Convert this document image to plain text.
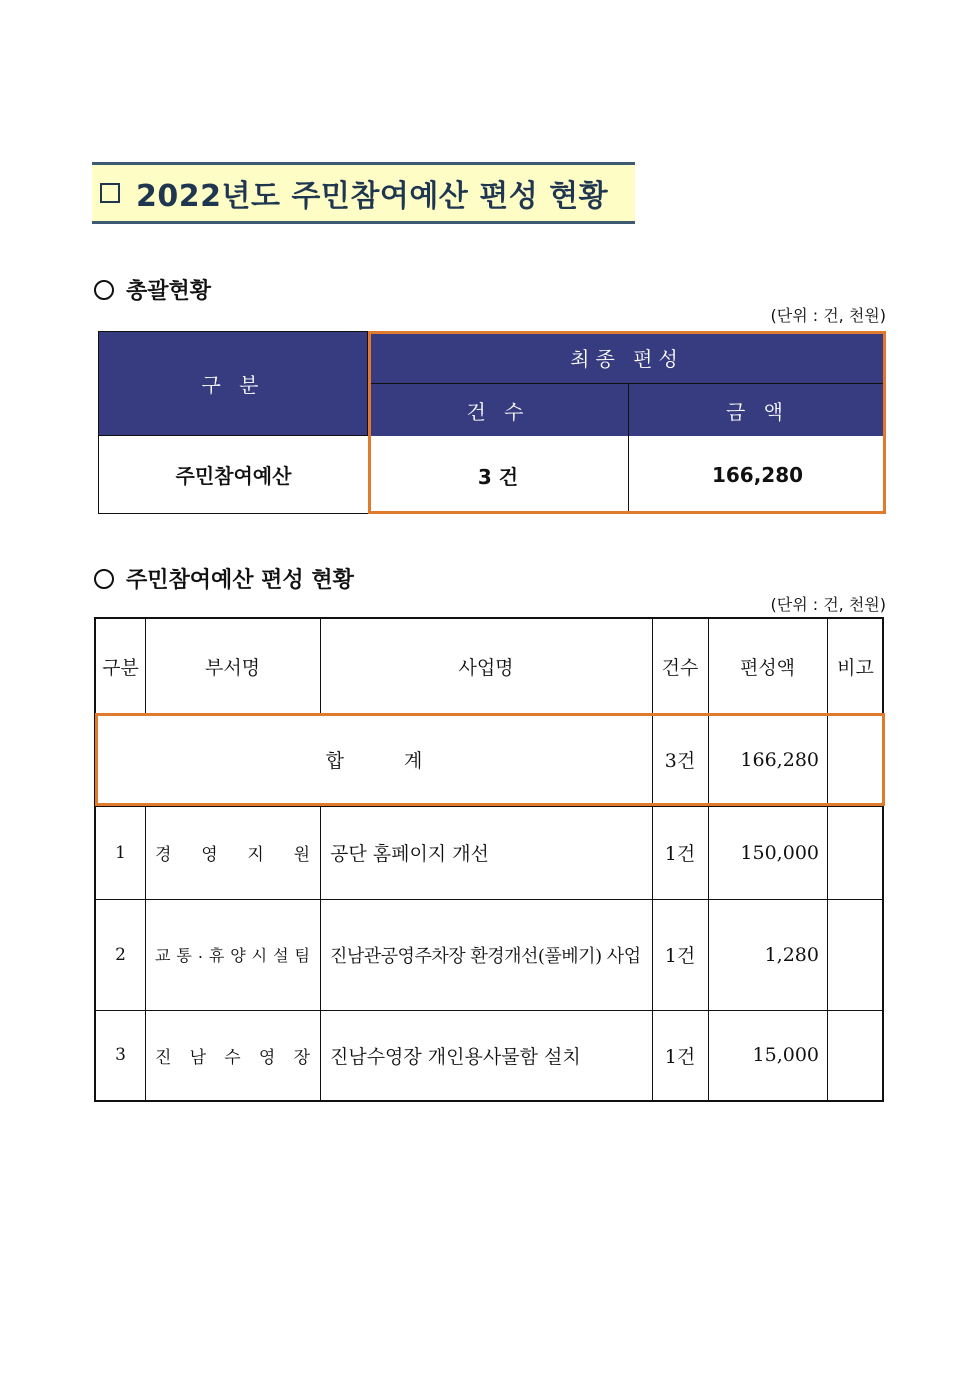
2022년도 주민참여예산 편성 현황
총괄현황
(단위 : 건, 천원)
구 분
최종 편성
건 수	금 액
주민참여예산	3 건	166,280
주민참여예산 편성 현황
(단위 : 건, 천원)
구분	부서명	사업명	건수	편성액	비고
합	계	3건	166,280
1	경 영 지 원	공단 홈페이지 개선	1건	150,000
2	교 통 . 휴 양 시 설 팀	진남관공영주차장 환경개선(풀베기) 사업	1건	1,280
3	진 남 수 영 장	진남수영장 개인용사물함 설치	1건	15,000
